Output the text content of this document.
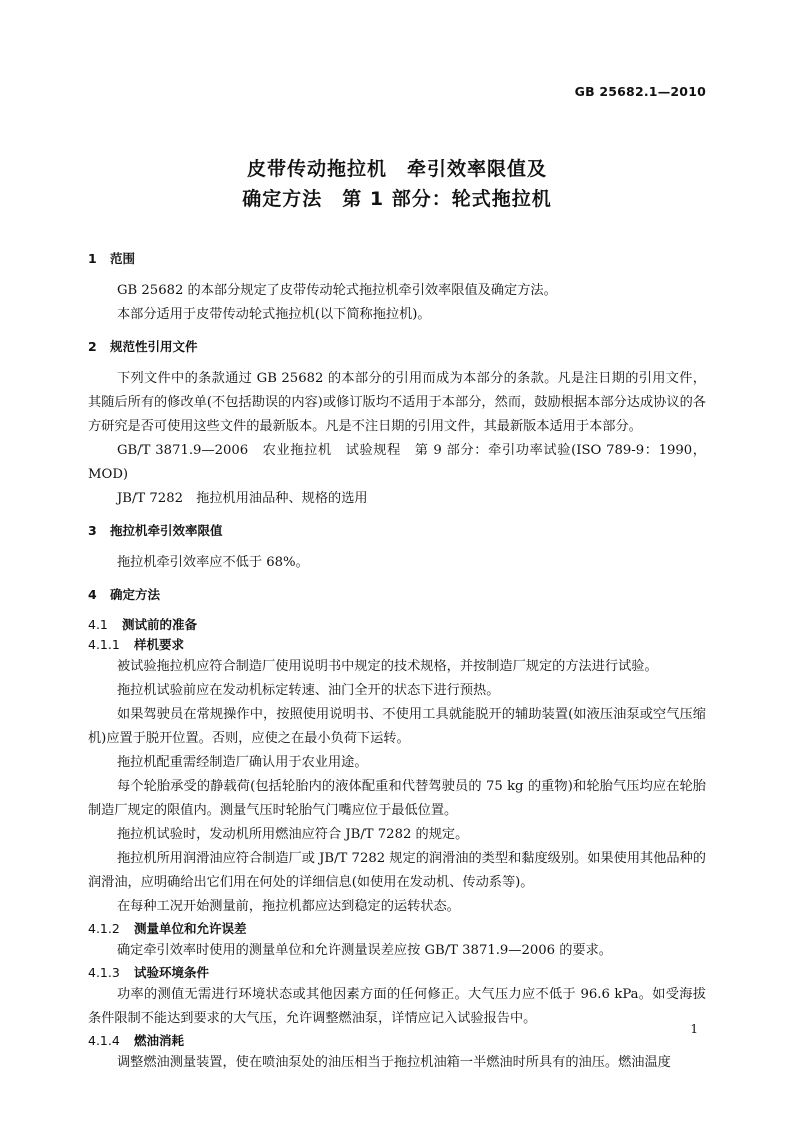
GB 25682.1—2010
皮带传动拖拉机　牵引效率限值及
确定方法　第 1 部分：轮式拖拉机
1 范围

GB 25682 的本部分规定了皮带传动轮式拖拉机牵引效率限值及确定方法。

本部分适用于皮带传动轮式拖拉机(以下简称拖拉机)。

2 规范性引用文件

下列文件中的条款通过 GB 25682 的本部分的引用而成为本部分的条款。凡是注日期的引用文件，其随后所有的修改单(不包括勘误的内容)或修订版均不适用于本部分，然而，鼓励根据本部分达成协议的各方研究是否可使用这些文件的最新版本。凡是不注日期的引用文件，其最新版本适用于本部分。

GB/T 3871.9—2006　农业拖拉机　试验规程　第 9 部分：牵引功率试验(ISO 789-9：1990，MOD)

JB/T 7282　拖拉机用油品种、规格的选用

3 拖拉机牵引效率限值

拖拉机牵引效率应不低于 68%。

4 确定方法
4.1 测试前的准备
4.1.1 样机要求

被试验拖拉机应符合制造厂使用说明书中规定的技术规格，并按制造厂规定的方法进行试验。

拖拉机试验前应在发动机标定转速、油门全开的状态下进行预热。

如果驾驶员在常规操作中，按照使用说明书、不使用工具就能脱开的辅助装置(如液压油泵或空气压缩机)应置于脱开位置。否则，应使之在最小负荷下运转。

拖拉机配重需经制造厂确认用于农业用途。

每个轮胎承受的静载荷(包括轮胎内的液体配重和代替驾驶员的 75 kg 的重物)和轮胎气压均应在轮胎制造厂规定的限值内。测量气压时轮胎气门嘴应位于最低位置。

拖拉机试验时，发动机所用燃油应符合 JB/T 7282 的规定。

拖拉机所用润滑油应符合制造厂或 JB/T 7282 规定的润滑油的类型和黏度级别。如果使用其他品种的润滑油，应明确给出它们用在何处的详细信息(如使用在发动机、传动系等)。

在每种工况开始测量前，拖拉机都应达到稳定的运转状态。

4.1.2 测量单位和允许误差

确定牵引效率时使用的测量单位和允许测量误差应按 GB/T 3871.9—2006 的要求。

4.1.3 试验环境条件

功率的测值无需进行环境状态或其他因素方面的任何修正。大气压力应不低于 96.6 kPa。如受海拔条件限制不能达到要求的大气压，允许调整燃油泵，详情应记入试验报告中。

4.1.4 燃油消耗

调整燃油测量装置，使在喷油泵处的油压相当于拖拉机油箱一半燃油时所具有的油压。燃油温度

1
